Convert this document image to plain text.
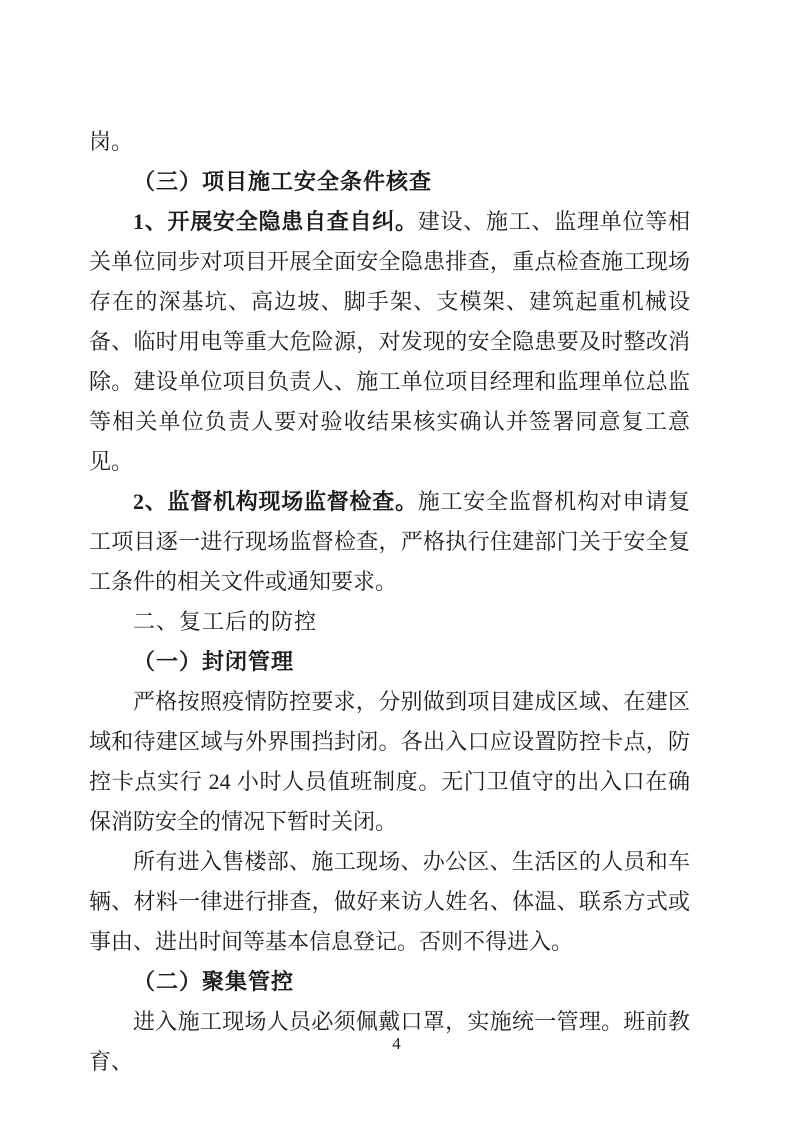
岗。

（三）项目施工安全条件核查

1、开展安全隐患自查自纠。建设、施工、监理单位等相关单位同步对项目开展全面安全隐患排查，重点检查施工现场存在的深基坑、高边坡、脚手架、支模架、建筑起重机械设备、临时用电等重大危险源，对发现的安全隐患要及时整改消除。建设单位项目负责人、施工单位项目经理和监理单位总监等相关单位负责人要对验收结果核实确认并签署同意复工意见。

2、监督机构现场监督检查。施工安全监督机构对申请复工项目逐一进行现场监督检查，严格执行住建部门关于安全复工条件的相关文件或通知要求。

二、复工后的防控

（一）封闭管理

严格按照疫情防控要求，分别做到项目建成区域、在建区域和待建区域与外界围挡封闭。各出入口应设置防控卡点，防控卡点实行 24 小时人员值班制度。无门卫值守的出入口在确保消防安全的情况下暂时关闭。

所有进入售楼部、施工现场、办公区、生活区的人员和车辆、材料一律进行排查，做好来访人姓名、体温、联系方式或事由、进出时间等基本信息登记。否则不得进入。

（二）聚集管控

进入施工现场人员必须佩戴口罩，实施统一管理。班前教育、

4
